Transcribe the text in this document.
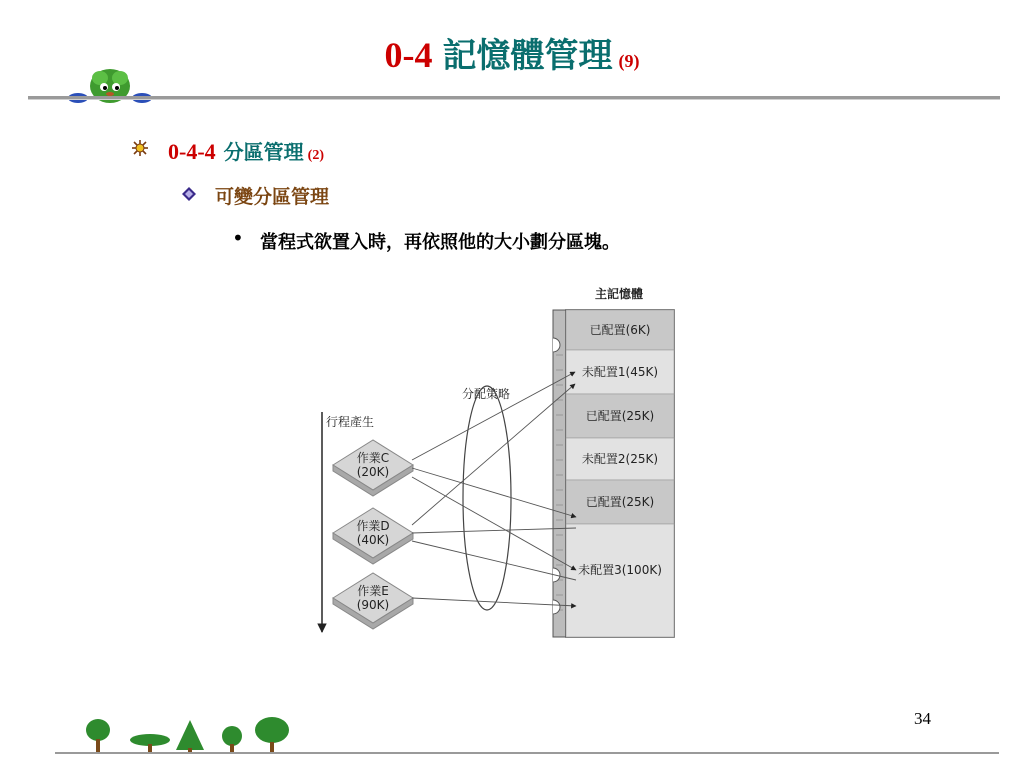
0-4 記憶體管理 (9)
0-4-4 分區管理 (2)
可變分區管理
• 當程式欲置入時，再依照他的大小劃分區塊。
主記憶體
已配置(6K)
未配置1(45K)
已配置(25K)
未配置2(25K)
已配置(25K)
未配置3(100K)
分配策略
行程產生
作業C
(20K)
作業D
(40K)
作業E
(90K)
34
